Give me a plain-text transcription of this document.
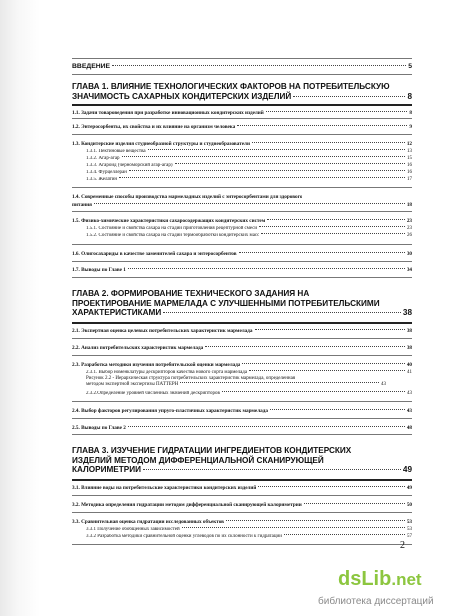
ВВЕДЕНИЕ	5
ГЛАВА 1. ВЛИЯНИЕ ТЕХНОЛОГИЧЕСКИХ ФАКТОРОВ НА ПОТРЕБИТЕЛЬСКУЮ
ЗНАЧИМОСТЬ САХАРНЫХ КОНДИТЕРСКИХ ИЗДЕЛИЙ	8
1.1. Задачи товароведения при разработке инновационных кондитерских изделий	8
1.2. Энтеросорбенты, их свойства и их влияние на организм человека	9
1.3. Кондитерские изделия студнеобразной структуры и студнеобразователи	12
1.3.1. Пектиновые вещества	13
1.3.2. Агар-агар	15
1.3.3. Агароид (черноморский агар-агар)	16
1.3.4. Фурцеллеран	16
1.3.5. Желатин	17
1.4. Современные способы производства мармеладных изделий с энтеросорбентами для здорового
питания	18
1.5. Физико-химические характеристики сахаросодержащих кондитерских систем	23
1.5.1. Состояние и свойства сахара на стадии приготовления рецептурной смеси	23
1.5.2. Состояние и свойства сахара на стадии термообработки кондитерских масс	26
1.6. Олигосахариды в качестве заменителей сахара и энтеросорбентов	30
1.7. Выводы по Главе 1	34
ГЛАВА 2. ФОРМИРОВАНИЕ ТЕХНИЧЕСКОГО ЗАДАНИЯ НА
ПРОЕКТИРОВАНИЕ МАРМЕЛАДА С УЛУЧШЕННЫМИ ПОТРЕБИТЕЛЬСКИМИ
ХАРАКТЕРИСТИКАМИ	38
2.1. Экспертная оценка целевых потребительских характеристик мармелада	38
2.2. Анализ потребительских характеристик мармелада	38
2.3. Разработка методики изучения потребительской оценки мармелада	40
2.3.1. Выбор номенклатуры дескрипторов качества нового сорта мармелада	41
Рисунок 2.2 - Иерархическая структура потребительских характеристик мармелада, определенная
методом экспертной экспертизы ПАТТЕРН	43
2.3.2.Определение уровней численных значений дескрипторов	43
2.4. Выбор факторов регулирования упруго-пластичных характеристик мармелада	43
2.5. Выводы по Главе 2	48
ГЛАВА 3. ИЗУЧЕНИЕ ГИДРАТАЦИИ ИНГРЕДИЕНТОВ КОНДИТЕРСКИХ
ИЗДЕЛИЙ МЕТОДОМ ДИФФЕРЕНЦИАЛЬНОЙ СКАНИРУЮЩЕЙ
КАЛОРИМЕТРИИ	49
3.1. Влияние воды на потребительские характеристики кондитерских изделий	49
3.2. Методика определения гидратации методом дифференциальной сканирующей калориметрии	50
3.3. Сравнительная оценка гидратации исследованных объектов	53
3.3.1 Получение обобщенных зависимостей	53
3.3.2 Разработка методики сравнительной оценки углеводов по их склонности к гидратации	57
2
dsLib.net
библиотека диссертаций
